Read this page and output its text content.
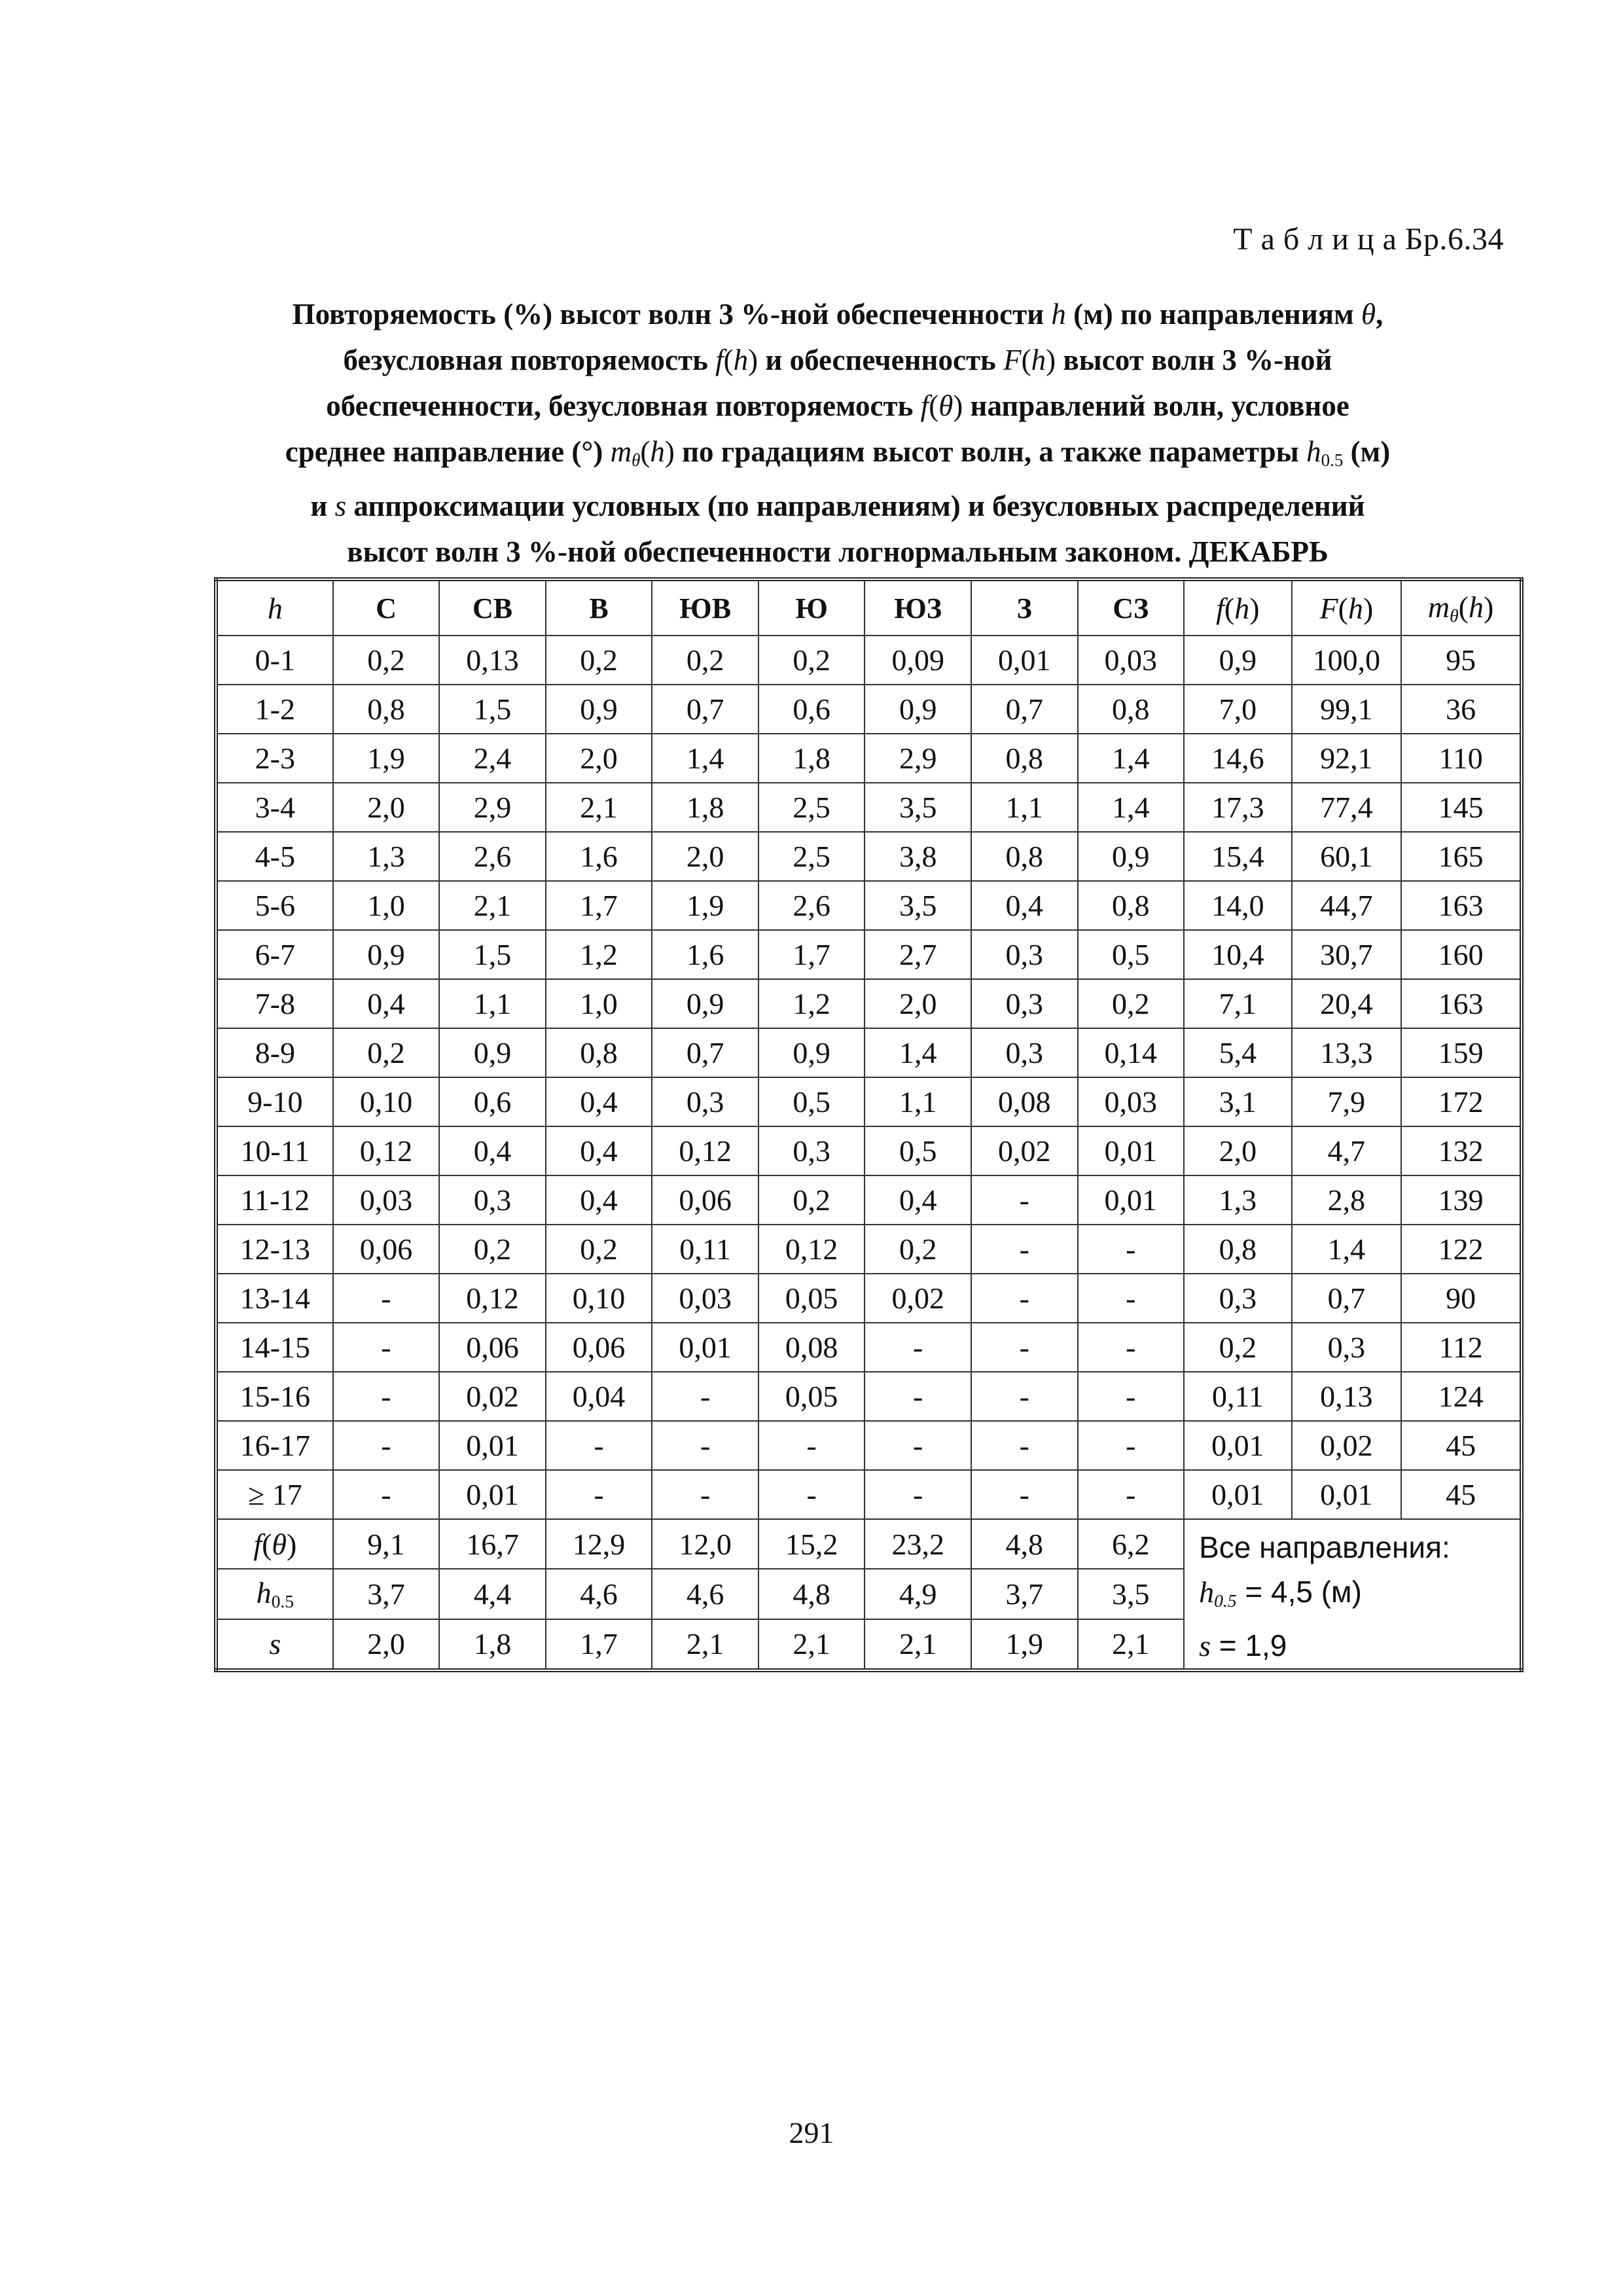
Т а б л и ц а Бр.6.34
Повторяемость (%) высот волн 3 %-ной обеспеченности h (м) по направлениям θ,
безусловная повторяемость f(h) и обеспеченность F(h) высот волн 3 %-ной
обеспеченности, безусловная повторяемость f(θ) направлений волн, условное
среднее направление (°) $m_\theta(h)$ по градациям высот волн, а также параметры $h_{0.5}$ (м)
и s аппроксимации условных (по направлениям) и безусловных распределений
высот волн 3 %-ной обеспеченности логнормальным законом. ДЕКАБРЬ
h	С	СВ	В	ЮВ	Ю	ЮЗ	З	СЗ	f(h)	F(h)	$m_\theta(h)$
0-1	0,2	0,13	0,2	0,2	0,2	0,09	0,01	0,03	0,9	100,0	95
1-2	0,8	1,5	0,9	0,7	0,6	0,9	0,7	0,8	7,0	99,1	36
2-3	1,9	2,4	2,0	1,4	1,8	2,9	0,8	1,4	14,6	92,1	110
3-4	2,0	2,9	2,1	1,8	2,5	3,5	1,1	1,4	17,3	77,4	145
4-5	1,3	2,6	1,6	2,0	2,5	3,8	0,8	0,9	15,4	60,1	165
5-6	1,0	2,1	1,7	1,9	2,6	3,5	0,4	0,8	14,0	44,7	163
6-7	0,9	1,5	1,2	1,6	1,7	2,7	0,3	0,5	10,4	30,7	160
7-8	0,4	1,1	1,0	0,9	1,2	2,0	0,3	0,2	7,1	20,4	163
8-9	0,2	0,9	0,8	0,7	0,9	1,4	0,3	0,14	5,4	13,3	159
9-10	0,10	0,6	0,4	0,3	0,5	1,1	0,08	0,03	3,1	7,9	172
10-11	0,12	0,4	0,4	0,12	0,3	0,5	0,02	0,01	2,0	4,7	132
11-12	0,03	0,3	0,4	0,06	0,2	0,4	-	0,01	1,3	2,8	139
12-13	0,06	0,2	0,2	0,11	0,12	0,2	-	-	0,8	1,4	122
13-14	-	0,12	0,10	0,03	0,05	0,02	-	-	0,3	0,7	90
14-15	-	0,06	0,06	0,01	0,08	-	-	-	0,2	0,3	112
15-16	-	0,02	0,04	-	0,05	-	-	-	0,11	0,13	124
16-17	-	0,01	-	-	-	-	-	-	0,01	0,02	45
≥ 17	-	0,01	-	-	-	-	-	-	0,01	0,01	45
f(θ)	9,1	16,7	12,9	12,0	15,2	23,2	4,8	6,2	Все направления:
$h_{0.5} = 4,5$ (м)
s = 1,9		

$h_{0.5}$	3,7	4,4	4,6	4,6	4,8	4,9	3,7	3,5			
s	2,0	1,8	1,7	2,1	2,1	2,1	1,9	2,1			
291
